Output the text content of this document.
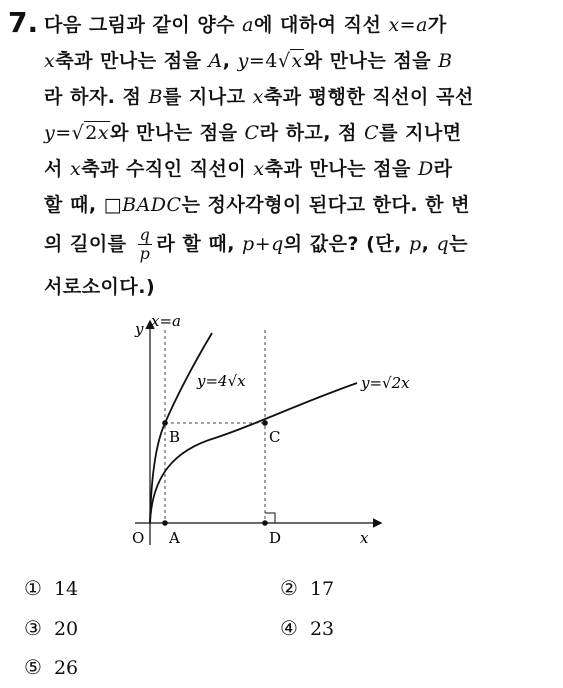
7. 다음 그림과 같이 양수 a에 대하여 직선 x=a가
x축과 만나는 점을 A, y=4√x와 만나는 점을 B
라 하자. 점 B를 지나고 x축과 평행한 직선이 곡선
y=√2x와 만나는 점을 C라 하고, 점 C를 지나면
서 x축과 수직인 직선이 x축과 만나는 점을 D라
할 때, □BADC는 정사각형이 된다고 한다. 한 변
의 길이를 $\frac{q}{p}$ 라 할 때, p+q의 값은? (단, p, q는
서로소이다.)
y x=a
y=4√x	y=√2x
B	C
O A	D	x
① 14	② 17
③ 20	④ 23
⑤ 26
